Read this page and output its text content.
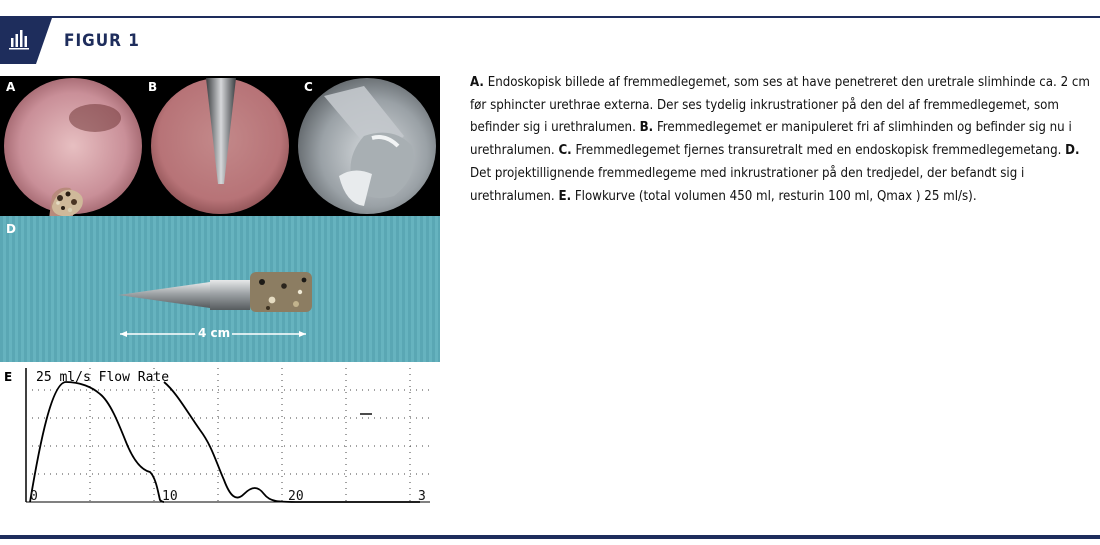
FIGUR 1
A	B	C
D
4 cm
E 25 ml/s Flow Rate
0	10	20	3
A. Endoskopisk billede af fremmedlegemet, som ses at have penetreret den uretrale slimhinde ca. 2 cm før sphincter urethrae externa. Der ses tydelig inkrustrationer på den del af fremmedlegemet, som befinder sig i urethralumen. B. Fremmedlegemet er manipuleret fri af slimhinden og befinder sig nu i urethralumen. C. Fremmedlegemet fjernes transuretralt med en endoskopisk fremmedlegemetang. D. Det projektillignende fremmedlegeme med inkrustrationer på den tredjedel, der befandt sig i urethralumen. E. Flowkurve (total volumen 450 ml, resturin 100 ml, Qmax ) 25 ml/s).
